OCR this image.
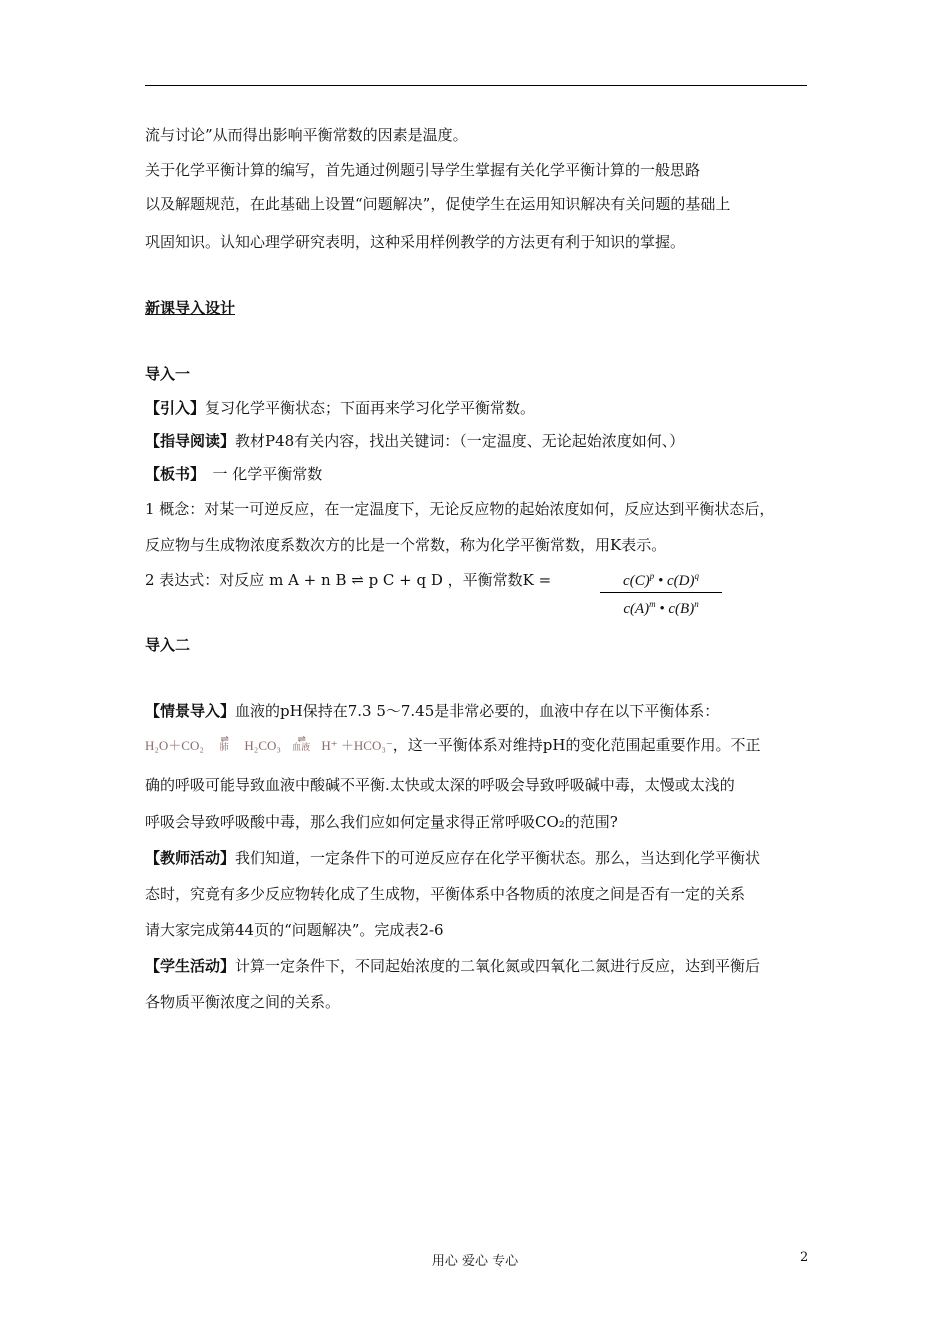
流与讨论”从而得出影响平衡常数的因素是温度。
关于化学平衡计算的编写，首先通过例题引导学生掌握有关化学平衡计算的一般思路
以及解题规范，在此基础上设置“问题解决”，促使学生在运用知识解决有关问题的基础上
巩固知识。认知心理学研究表明，这种采用样例教学的方法更有利于知识的掌握。
新课导入设计
导入一
【引入】复习化学平衡状态；下面再来学习化学平衡常数。
【指导阅读】教材P48有关内容，找出关键词：（一定温度、无论起始浓度如何、）
【板书】　一 化学平衡常数
1 概念：对某一可逆反应，在一定温度下，无论反应物的起始浓度如何，反应达到平衡状态后，
反应物与生成物浓度系数次方的比是一个常数，称为化学平衡常数，用K表示。
2 表达式：对反应 m A + n B ⇌ p C + q D ，平衡常数K =	$c(C)^p$ • $c(D)^q$
$c(A)^m$ • $c(B)^n$
导入二
【情景导入】血液的pH保持在7.3 5～7.45是非常必要的，血液中存在以下平衡体系：
H₂O＋CO₂	⇌
肺	H₂CO₃	⇌
血液 H⁺ ＋HCO₃⁻，这一平衡体系对维持pH的变化范围起重要作用。不正
确的呼吸可能导致血液中酸碱不平衡.太快或太深的呼吸会导致呼吸碱中毒，太慢或太浅的
呼吸会导致呼吸酸中毒，那么我们应如何定量求得正常呼吸CO₂的范围?
【教师活动】我们知道，一定条件下的可逆反应存在化学平衡状态。那么，当达到化学平衡状
态时，究竟有多少反应物转化成了生成物，平衡体系中各物质的浓度之间是否有一定的关系
请大家完成第44页的“问题解决”。完成表2-6
【学生活动】计算一定条件下，不同起始浓度的二氧化氮或四氧化二氮进行反应，达到平衡后
各物质平衡浓度之间的关系。
用心 爱心 专心	2
